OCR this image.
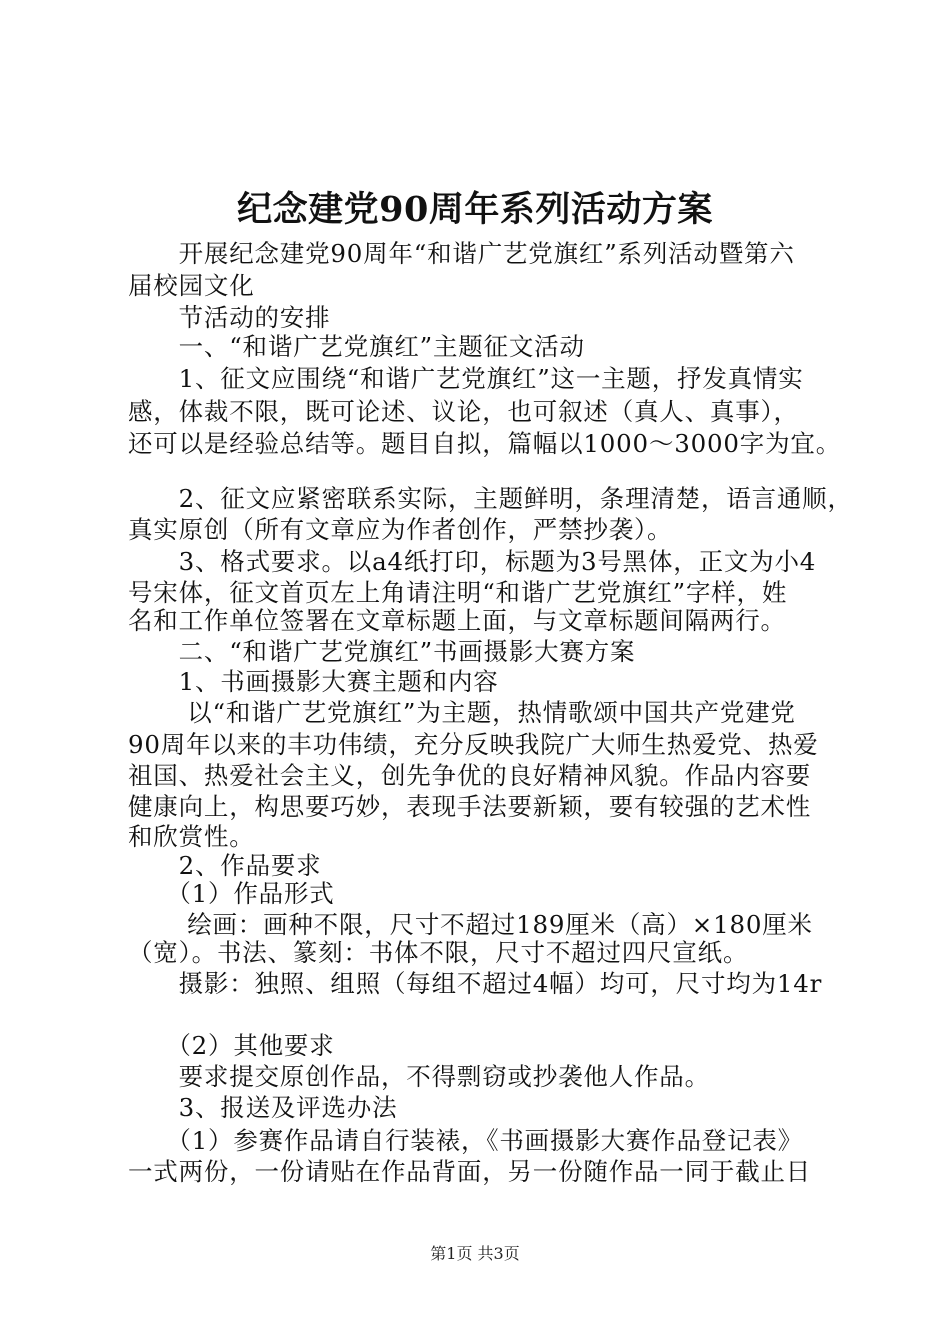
纪念建党90周年系列活动方案
　　开展纪念建党90周年“和谐广艺党旗红”系列活动暨第六
届校园文化
　　节活动的安排
　　一、“和谐广艺党旗红”主题征文活动
　　1、征文应围绕“和谐广艺党旗红”这一主题，抒发真情实
感，体裁不限，既可论述、议论，也可叙述（真人、真事），
还可以是经验总结等。题目自拟，篇幅以1000～3000字为宜。
　　2、征文应紧密联系实际，主题鲜明，条理清楚，语言通顺，
真实原创（所有文章应为作者创作，严禁抄袭）。
　　3、格式要求。以a4纸打印，标题为3号黑体，正文为小4
号宋体，征文首页左上角请注明“和谐广艺党旗红”字样，姓
名和工作单位签署在文章标题上面，与文章标题间隔两行。
　　二、“和谐广艺党旗红”书画摄影大赛方案
　　1、书画摄影大赛主题和内容
　　 以“和谐广艺党旗红”为主题，热情歌颂中国共产党建党
90周年以来的丰功伟绩，充分反映我院广大师生热爱党、热爱
祖国、热爱社会主义，创先争优的良好精神风貌。作品内容要
健康向上，构思要巧妙，表现手法要新颖，要有较强的艺术性
和欣赏性。
　　2、作品要求
　　（1）作品形式
　　 绘画：画种不限，尺寸不超过189厘米（高）×180厘米
（宽）。书法、篆刻：书体不限，尺寸不超过四尺宣纸。
　　摄影：独照、组照（每组不超过4幅）均可，尺寸均为14r
　　（2）其他要求
　　要求提交原创作品，不得剽窃或抄袭他人作品。
　　3、报送及评选办法
　　（1）参赛作品请自行装裱，《书画摄影大赛作品登记表》
一式两份，一份请贴在作品背面，另一份随作品一同于截止日
第1页 共3页
